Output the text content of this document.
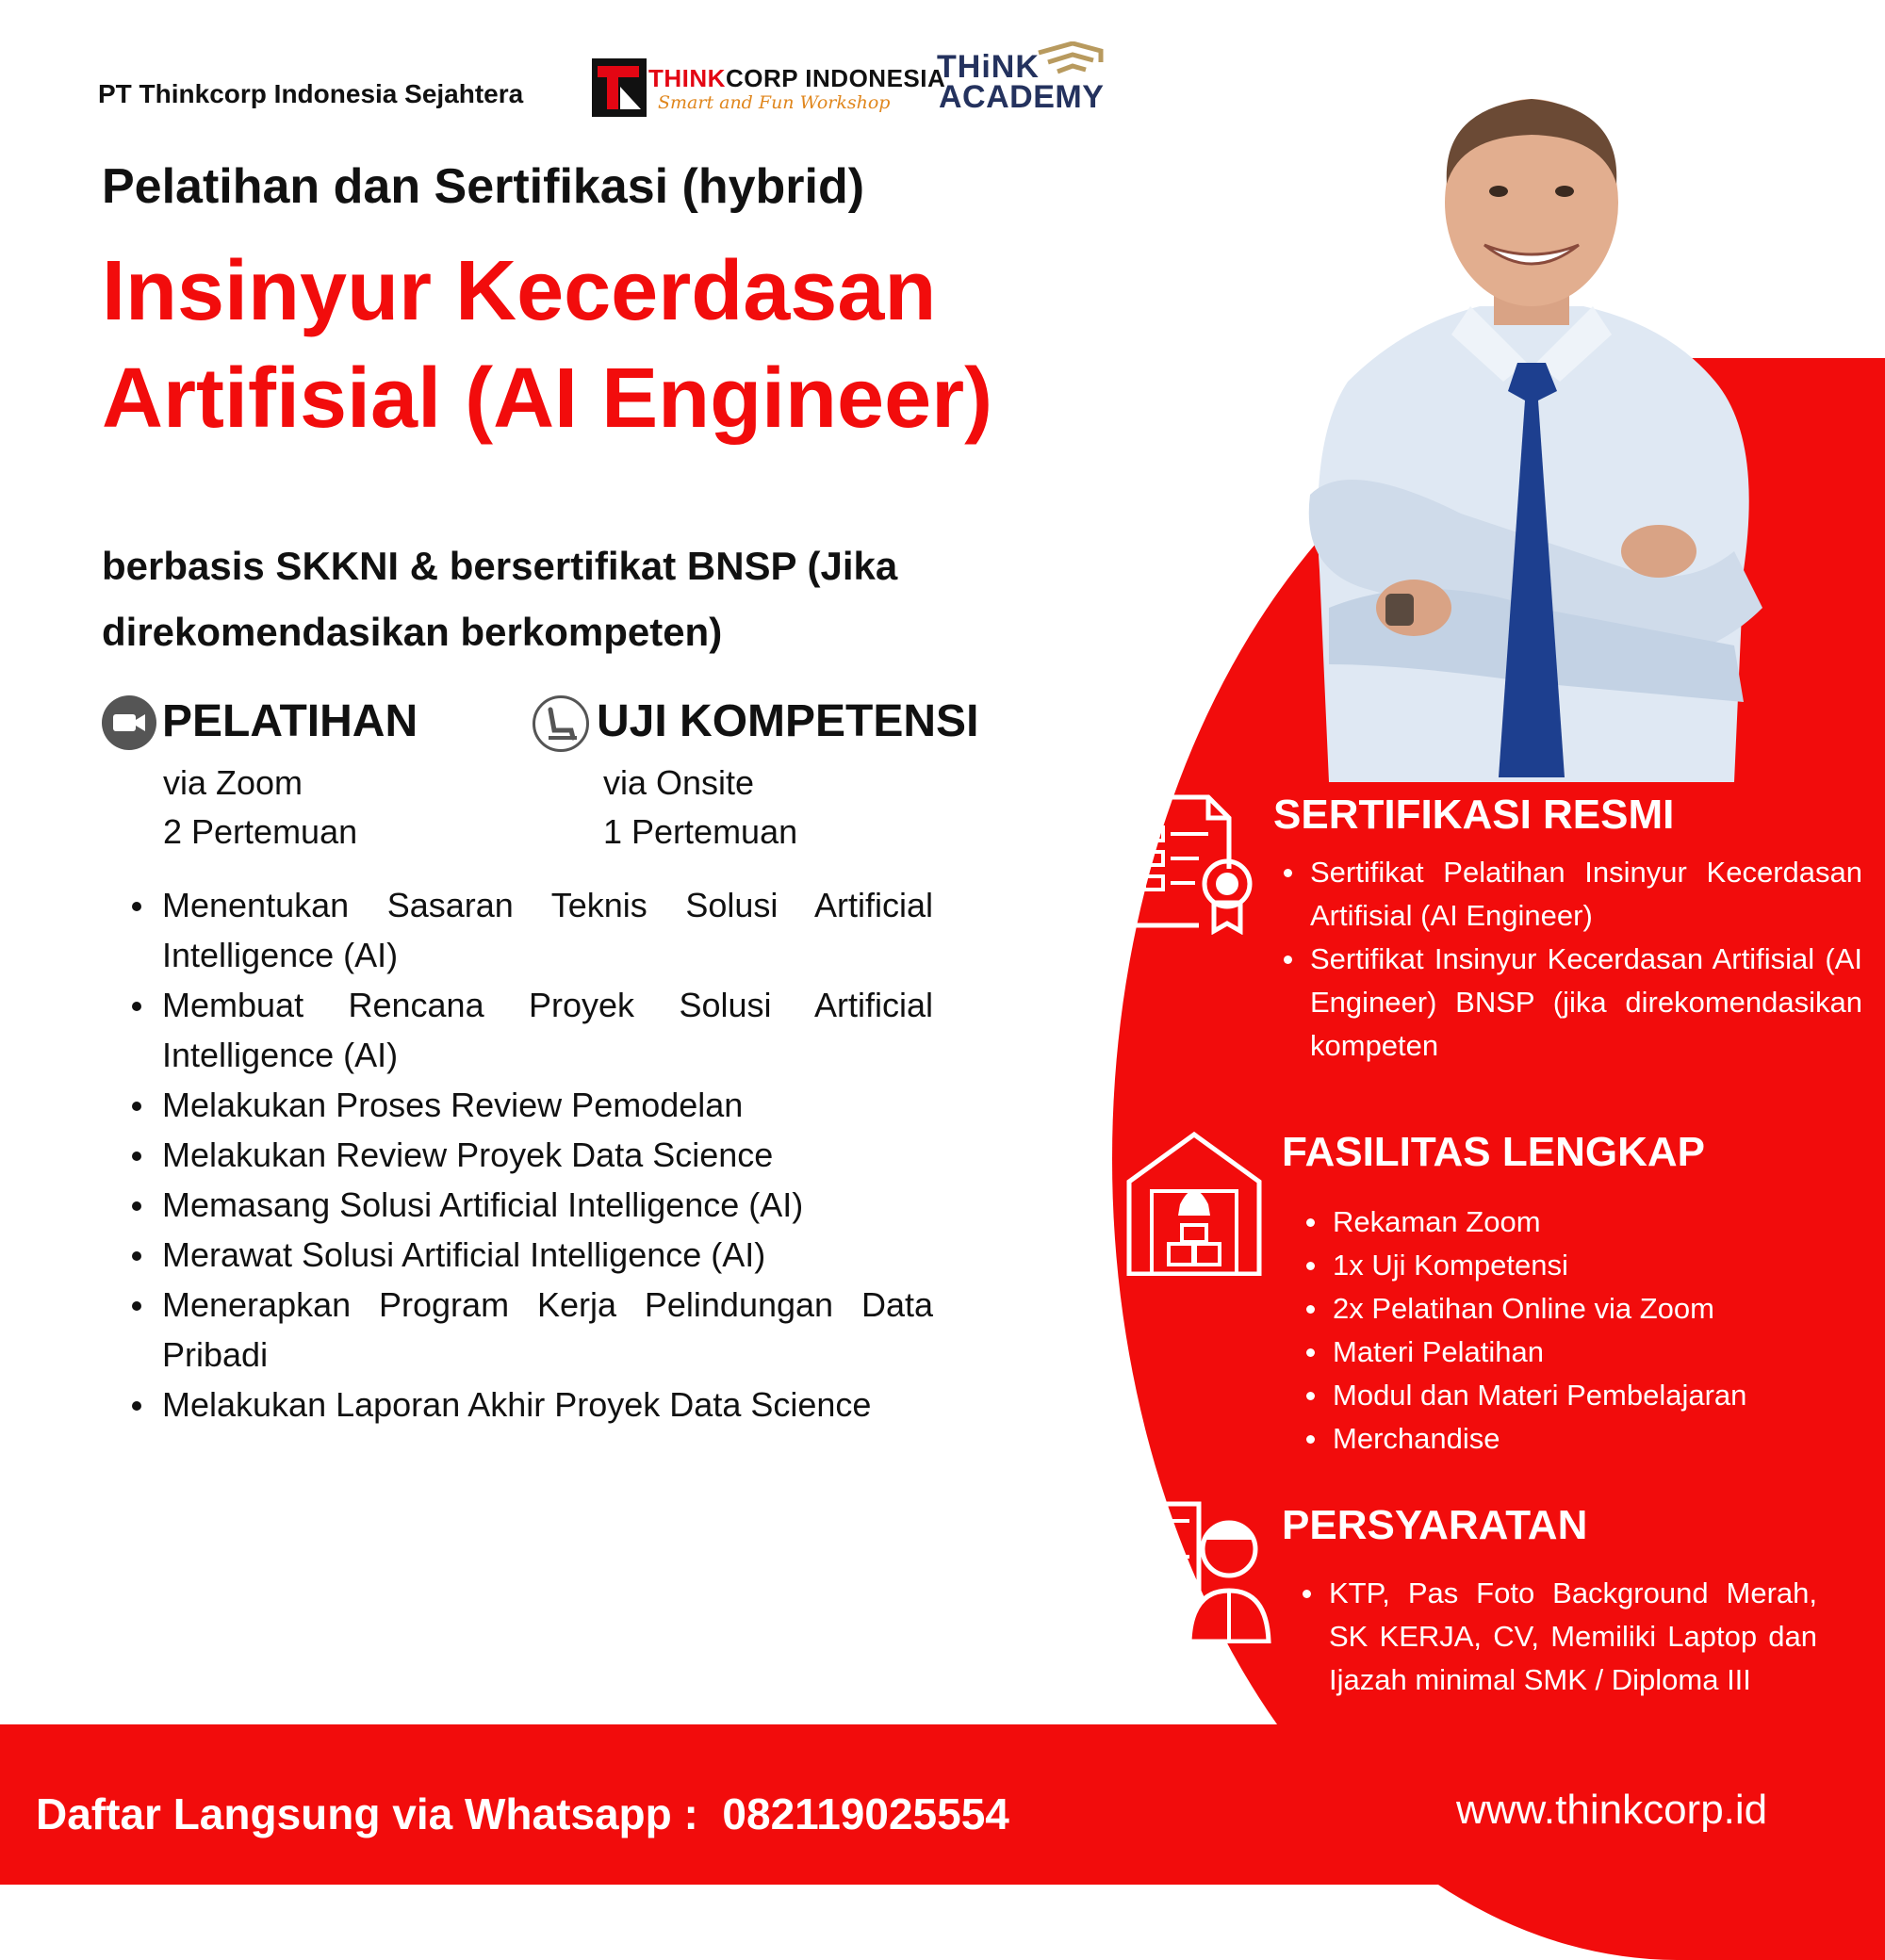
PT Thinkcorp Indonesia Sejahtera
THINKCORP INDONESIA
Smart and Fun Workshop
THiNK
ACADEMY
Pelatihan dan Sertifikasi (hybrid)
Insinyur Kecerdasan Artifisial (AI Engineer)
berbasis SKKNI & bersertifikat BNSP (Jika direkomendasikan berkompeten)
PELATIHAN
via Zoom
2 Pertemuan
UJI KOMPETENSI
via Onsite
1 Pertemuan
Menentukan Sasaran Teknis Solusi Artificial Intelligence (AI)
Membuat Rencana Proyek Solusi Artificial Intelligence (AI)
Melakukan Proses Review Pemodelan
Melakukan Review Proyek Data Science
Memasang Solusi Artificial Intelligence (AI)
Merawat Solusi Artificial Intelligence (AI)
Menerapkan Program Kerja Pelindungan Data Pribadi
Melakukan Laporan Akhir Proyek Data Science
SERTIFIKASI RESMI
Sertifikat Pelatihan Insinyur Kecerdasan Artifisial (AI Engineer)
Sertifikat Insinyur Kecerdasan Artifisial (AI Engineer) BNSP (jika direkomendasikan kompeten
FASILITAS LENGKAP
Rekaman Zoom
1x Uji Kompetensi
2x Pelatihan Online via Zoom
Materi Pelatihan
Modul dan Materi Pembelajaran
Merchandise
PERSYARATAN
KTP, Pas Foto Background Merah, SK KERJA, CV, Memiliki Laptop dan Ijazah minimal SMK / Diploma III
Daftar Langsung via Whatsapp :  082119025554	www.thinkcorp.id
